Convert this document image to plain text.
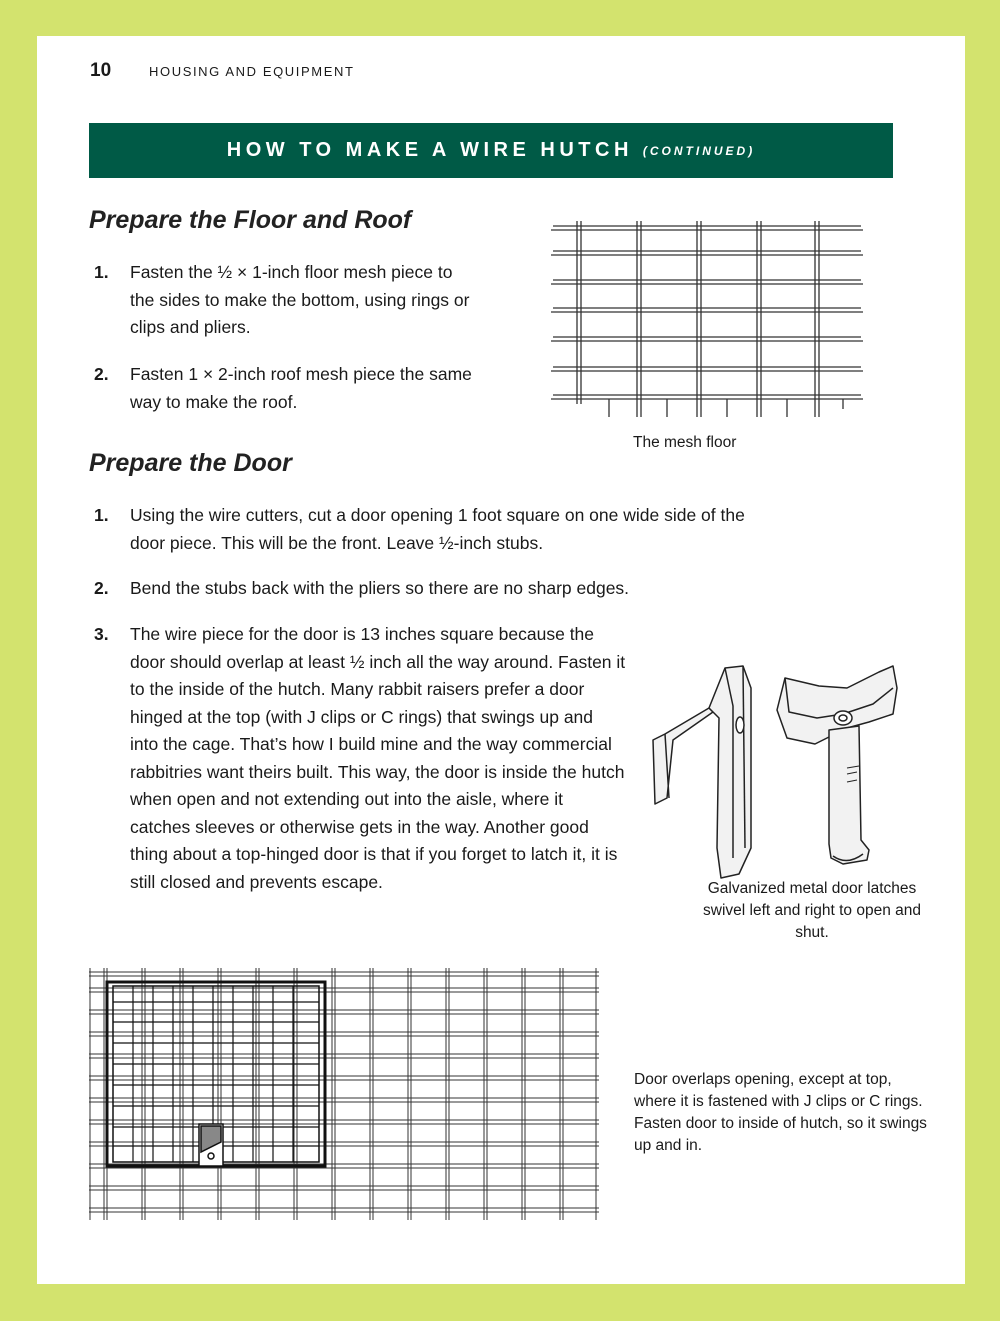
10	HOUSING AND EQUIPMENT
HOW TO MAKE A WIRE HUTCH (CONTINUED)
Prepare the Floor and Roof
1.	Fasten the ½ × 1-inch floor mesh piece to the sides to make the bottom, using rings or clips and pliers.
2.	Fasten 1 × 2-inch roof mesh piece the same way to make the roof.
The mesh floor
Prepare the Door
1.	Using the wire cutters, cut a door opening 1 foot square on one wide side of the door piece. This will be the front. Leave ½-inch stubs.
2.	Bend the stubs back with the pliers so there are no sharp edges.
3.	The wire piece for the door is 13 inches square because the door should overlap at least ½ inch all the way around. Fasten it to the inside of the hutch. Many rabbit raisers prefer a door hinged at the top (with J clips or C rings) that swings up and into the cage. That’s how I build mine and the way commercial rabbitries want theirs built. This way, the door is inside the hutch when open and not extending out into the aisle, where it catches sleeves or otherwise gets in the way. Another good thing about a top-hinged door is that if you forget to latch it, it is still closed and prevents escape.	Galvanized metal door latches swivel left and right to open and shut.
Door overlaps opening, except at top, where it is fastened with J clips or C rings. Fasten door to inside of hutch, so it swings up and in.
